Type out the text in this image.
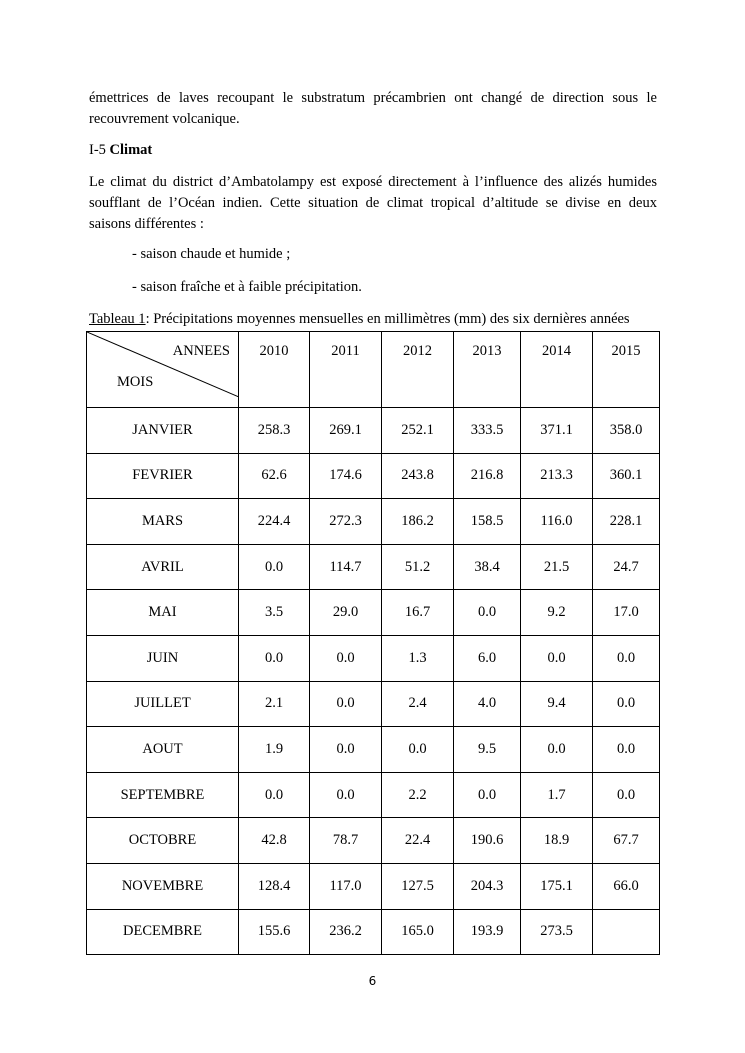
émettrices de laves recoupant le substratum précambrien ont changé de direction sous le
recouvrement volcanique.

I-5 Climat

Le climat du district d’Ambatolampy est exposé directement à l’influence des alizés humides
soufflant de l’Océan indien. Cette situation de climat tropical d’altitude se divise en deux
saisons différentes :

- saison chaude et humide ;

- saison fraîche et à faible précipitation.

Tableau 1: Précipitations moyennes mensuelles en millimètres (mm) des six dernières années

ANNEES
MOIS	2010	2011	2012	2013	2014	2015
JANVIER	258.3	269.1	252.1	333.5	371.1	358.0
FEVRIER	62.6	174.6	243.8	216.8	213.3	360.1
MARS	224.4	272.3	186.2	158.5	116.0	228.1
AVRIL	0.0	114.7	51.2	38.4	21.5	24.7
MAI	3.5	29.0	16.7	0.0	9.2	17.0
JUIN	0.0	0.0	1.3	6.0	0.0	0.0
JUILLET	2.1	0.0	2.4	4.0	9.4	0.0
AOUT	1.9	0.0	0.0	9.5	0.0	0.0
SEPTEMBRE	0.0	0.0	2.2	0.0	1.7	0.0
OCTOBRE	42.8	78.7	22.4	190.6	18.9	67.7
NOVEMBRE	128.4	117.0	127.5	204.3	175.1	66.0
DECEMBRE	155.6	236.2	165.0	193.9	273.5	
6
